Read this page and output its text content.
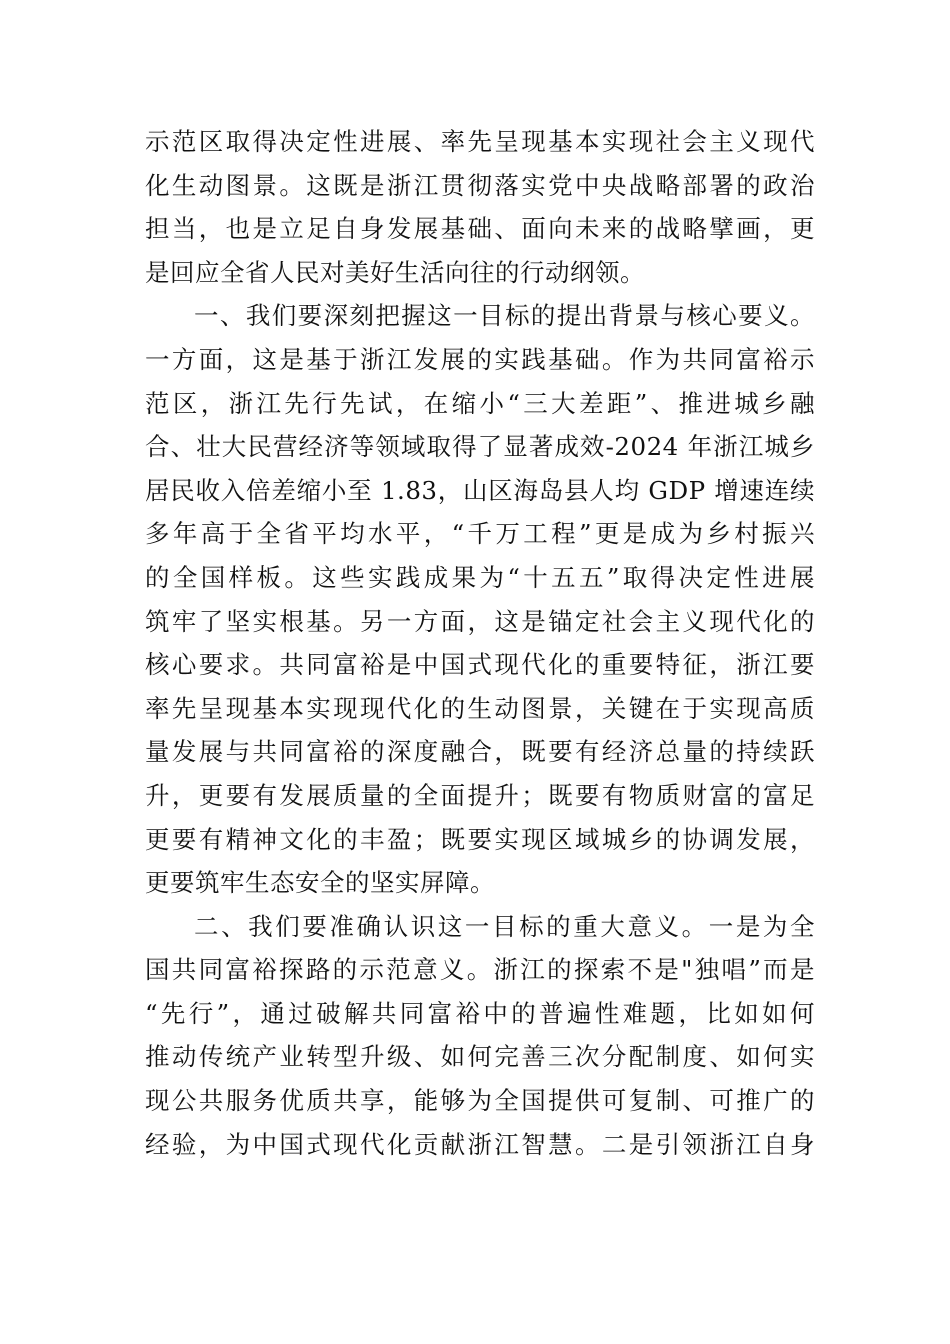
示范区取得决定性进展、率先呈现基本实现社会主义现代
化生动图景。这既是浙江贯彻落实党中央战略部署的政治
担当，也是立足自身发展基础、面向未来的战略擘画，更
是回应全省人民对美好生活向往的行动纲领。
一、我们要深刻把握这一目标的提出背景与核心要义。
一方面，这是基于浙江发展的实践基础。作为共同富裕示
范区，浙江先行先试，在缩小“三大差距”、推进城乡融
合、壮大民营经济等领域取得了显著成效-2024 年浙江城乡
居民收入倍差缩小至 1.83，山区海岛县人均 GDP 增速连续
多年高于全省平均水平，“千万工程”更是成为乡村振兴
的全国样板。这些实践成果为“十五五”取得决定性进展
筑牢了坚实根基。另一方面，这是锚定社会主义现代化的
核心要求。共同富裕是中国式现代化的重要特征，浙江要
率先呈现基本实现现代化的生动图景，关键在于实现高质
量发展与共同富裕的深度融合，既要有经济总量的持续跃
升，更要有发展质量的全面提升；既要有物质财富的富足
更要有精神文化的丰盈；既要实现区域城乡的协调发展，
更要筑牢生态安全的坚实屏障。
二、我们要准确认识这一目标的重大意义。一是为全
国共同富裕探路的示范意义。浙江的探索不是"独唱”而是
“先行”，通过破解共同富裕中的普遍性难题，比如如何
推动传统产业转型升级、如何完善三次分配制度、如何实
现公共服务优质共享，能够为全国提供可复制、可推广的
经验，为中国式现代化贡献浙江智慧。二是引领浙江自身
